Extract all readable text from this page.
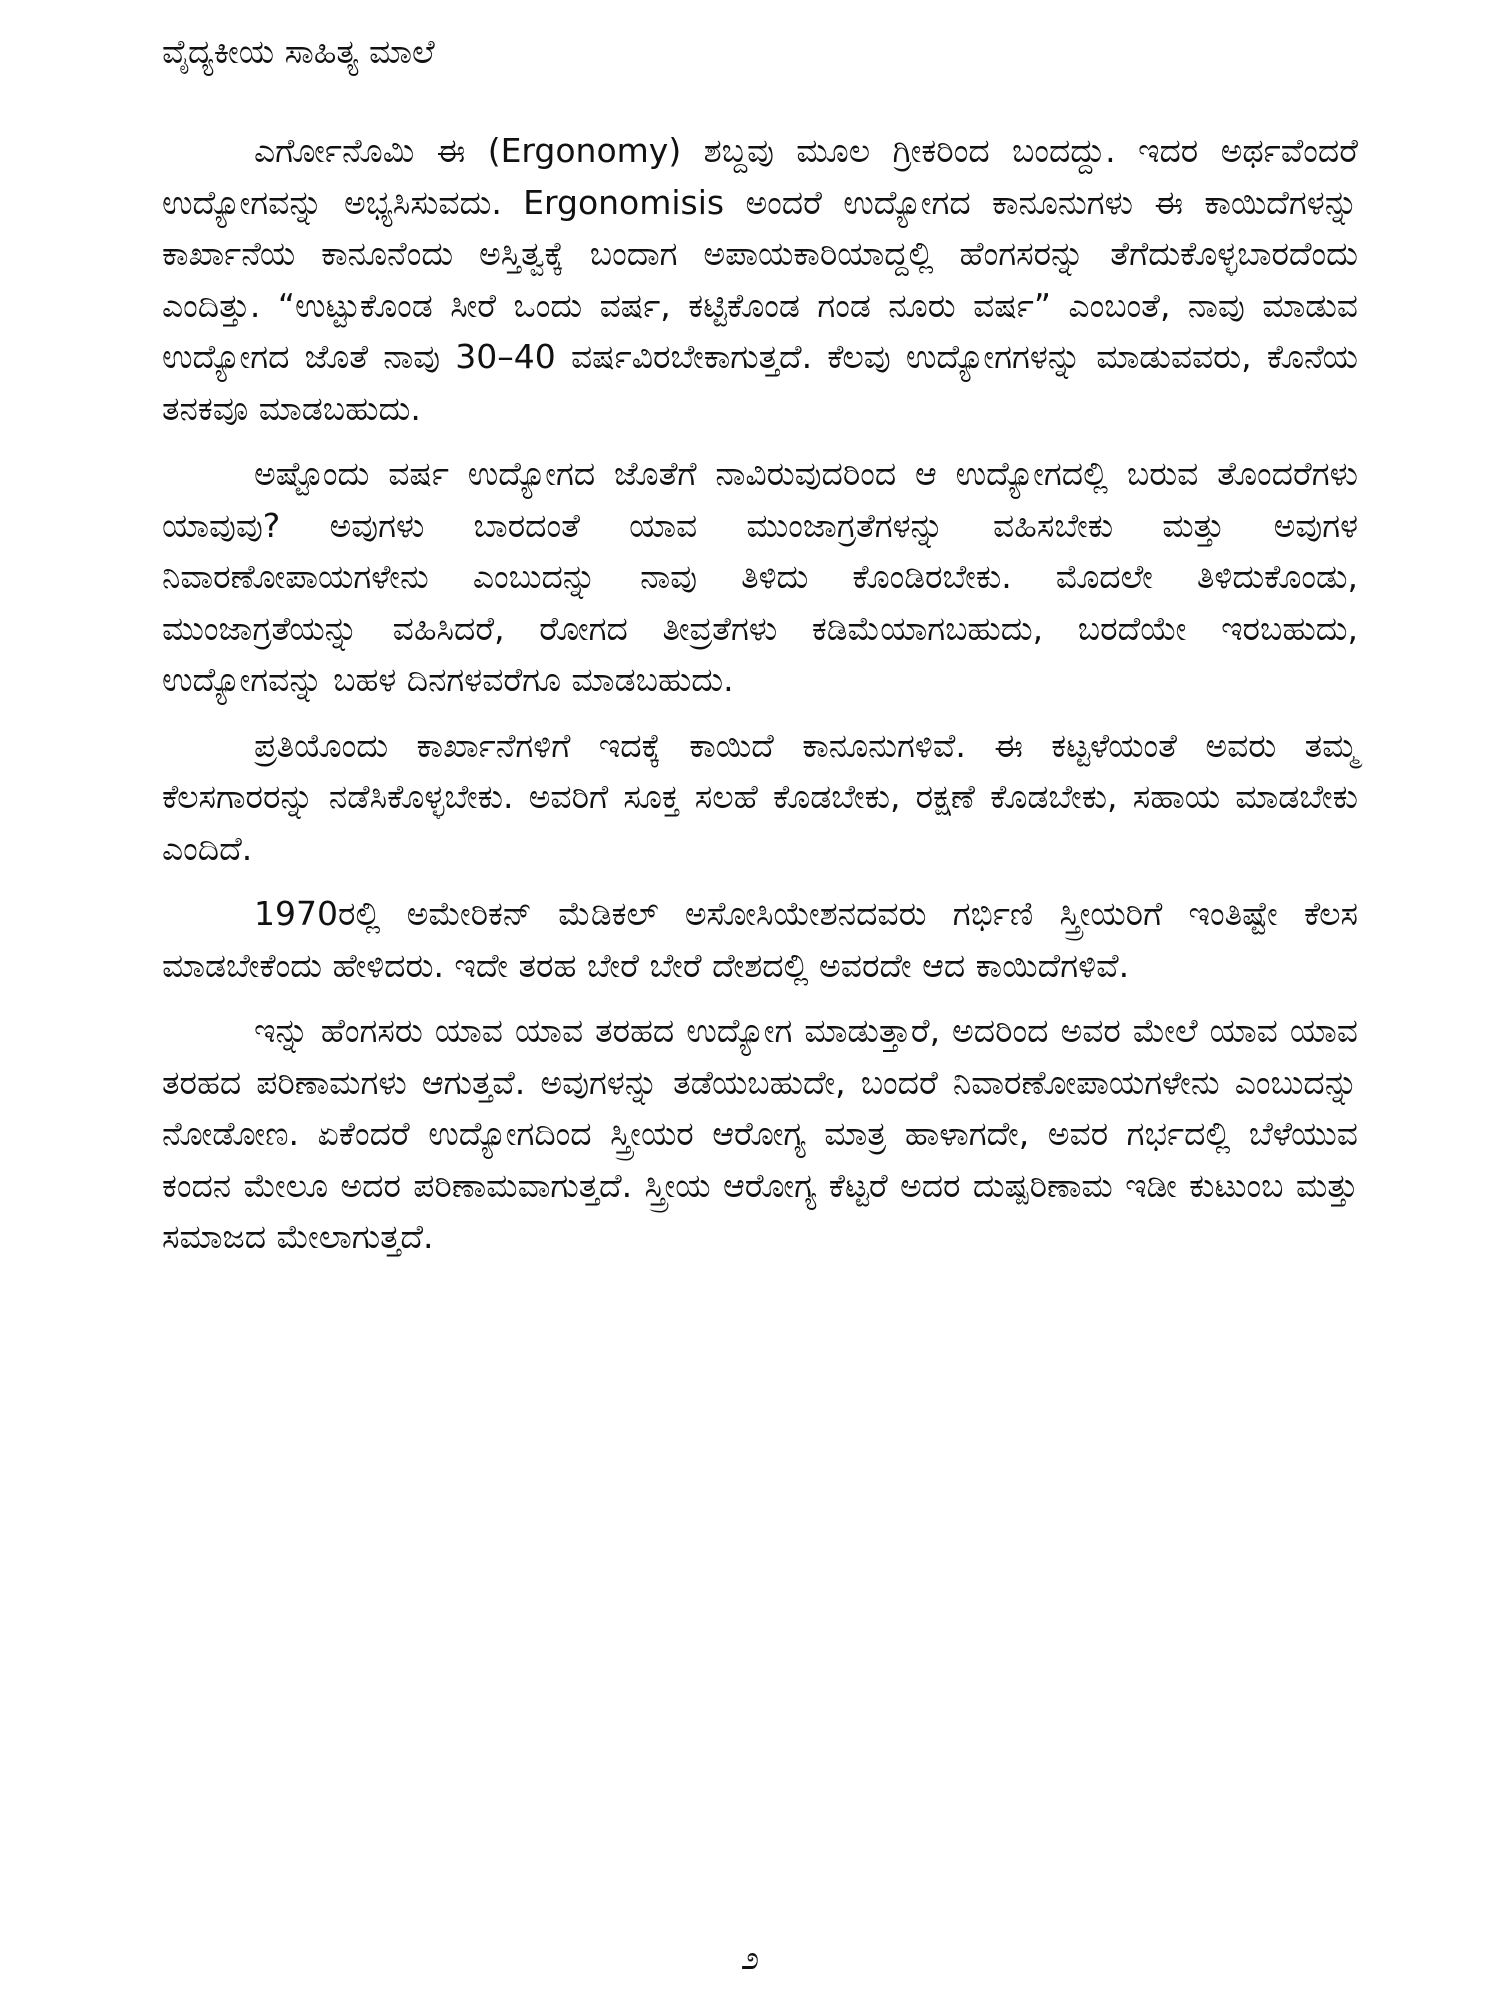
ವೈದ್ಯಕೀಯ ಸಾಹಿತ್ಯ ಮಾಲೆ

ಎರ್ಗೋನೊಮಿ ಈ (Ergonomy) ಶಬ್ದವು ಮೂಲ ಗ್ರೀಕರಿಂದ ಬಂದದ್ದು. ಇದರ ಅರ್ಥವೆಂದರೆ ಉದ್ಯೋಗವನ್ನು ಅಭ್ಯಸಿಸುವದು. Ergonomisis ಅಂದರೆ ಉದ್ಯೋಗದ ಕಾನೂನುಗಳು ಈ ಕಾಯಿದೆಗಳನ್ನು ಕಾರ್ಖಾನೆಯ ಕಾನೂನೆಂದು ಅಸ್ತಿತ್ವಕ್ಕೆ ಬಂದಾಗ ಅಪಾಯಕಾರಿಯಾದ್ದಲ್ಲಿ ಹೆಂಗಸರನ್ನು ತೆಗೆದುಕೊಳ್ಳಬಾರದೆಂದು ಎಂದಿತ್ತು. “ಉಟ್ಟುಕೊಂಡ ಸೀರೆ ಒಂದು ವರ್ಷ, ಕಟ್ಟಿಕೊಂಡ ಗಂಡ ನೂರು ವರ್ಷ” ಎಂಬಂತೆ, ನಾವು ಮಾಡುವ ಉದ್ಯೋಗದ ಜೊತೆ ನಾವು 30–40 ವರ್ಷವಿರಬೇಕಾಗುತ್ತದೆ. ಕೆಲವು ಉದ್ಯೋಗಗಳನ್ನು ಮಾಡುವವರು, ಕೊನೆಯ ತನಕವೂ ಮಾಡಬಹುದು.

ಅಷ್ಟೊಂದು ವರ್ಷ ಉದ್ಯೋಗದ ಜೊತೆಗೆ ನಾವಿರುವುದರಿಂದ ಆ ಉದ್ಯೋಗದಲ್ಲಿ ಬರುವ ತೊಂದರೆಗಳು ಯಾವುವು? ಅವುಗಳು ಬಾರದಂತೆ ಯಾವ ಮುಂಜಾಗ್ರತೆಗಳನ್ನು ವಹಿಸಬೇಕು ಮತ್ತು ಅವುಗಳ ನಿವಾರಣೋಪಾಯಗಳೇನು ಎಂಬುದನ್ನು ನಾವು ತಿಳಿದು ಕೊಂಡಿರಬೇಕು. ಮೊದಲೇ ತಿಳಿದುಕೊಂಡು, ಮುಂಜಾಗ್ರತೆಯನ್ನು ವಹಿಸಿದರೆ, ರೋಗದ ತೀವ್ರತೆಗಳು ಕಡಿಮೆಯಾಗಬಹುದು, ಬರದೆಯೇ ಇರಬಹುದು, ಉದ್ಯೋಗವನ್ನು ಬಹಳ ದಿನಗಳವರೆಗೂ ಮಾಡಬಹುದು.

ಪ್ರತಿಯೊಂದು ಕಾರ್ಖಾನೆಗಳಿಗೆ ಇದಕ್ಕೆ ಕಾಯಿದೆ ಕಾನೂನುಗಳಿವೆ. ಈ ಕಟ್ಟಳೆಯಂತೆ ಅವರು ತಮ್ಮ ಕೆಲಸಗಾರರನ್ನು ನಡೆಸಿಕೊಳ್ಳಬೇಕು. ಅವರಿಗೆ ಸೂಕ್ತ ಸಲಹೆ ಕೊಡಬೇಕು, ರಕ್ಷಣೆ ಕೊಡಬೇಕು, ಸಹಾಯ ಮಾಡಬೇಕು ಎಂದಿದೆ.

1970ರಲ್ಲಿ ಅಮೇರಿಕನ್ ಮೆಡಿಕಲ್ ಅಸೋಸಿಯೇಶನದವರು ಗರ್ಭಿಣಿ ಸ್ತ್ರೀಯರಿಗೆ ಇಂತಿಷ್ಟೇ ಕೆಲಸ ಮಾಡಬೇಕೆಂದು ಹೇಳಿದರು. ಇದೇ ತರಹ ಬೇರೆ ಬೇರೆ ದೇಶದಲ್ಲಿ ಅವರದೇ ಆದ ಕಾಯಿದೆಗಳಿವೆ.

ಇನ್ನು ಹೆಂಗಸರು ಯಾವ ಯಾವ ತರಹದ ಉದ್ಯೋಗ ಮಾಡುತ್ತಾರೆ, ಅದರಿಂದ ಅವರ ಮೇಲೆ ಯಾವ ಯಾವ ತರಹದ ಪರಿಣಾಮಗಳು ಆಗುತ್ತವೆ. ಅವುಗಳನ್ನು ತಡೆಯಬಹುದೇ, ಬಂದರೆ ನಿವಾರಣೋಪಾಯಗಳೇನು ಎಂಬುದನ್ನು ನೋಡೋಣ. ಏಕೆಂದರೆ ಉದ್ಯೋಗದಿಂದ ಸ್ತ್ರೀಯರ ಆರೋಗ್ಯ ಮಾತ್ರ ಹಾಳಾಗದೇ, ಅವರ ಗರ್ಭದಲ್ಲಿ ಬೆಳೆಯುವ ಕಂದನ ಮೇಲೂ ಅದರ ಪರಿಣಾಮವಾಗುತ್ತದೆ. ಸ್ತ್ರೀಯ ಆರೋಗ್ಯ ಕೆಟ್ಟರೆ ಅದರ ದುಷ್ಪರಿಣಾಮ ಇಡೀ ಕುಟುಂಬ ಮತ್ತು ಸಮಾಜದ ಮೇಲಾಗುತ್ತದೆ.

೨
